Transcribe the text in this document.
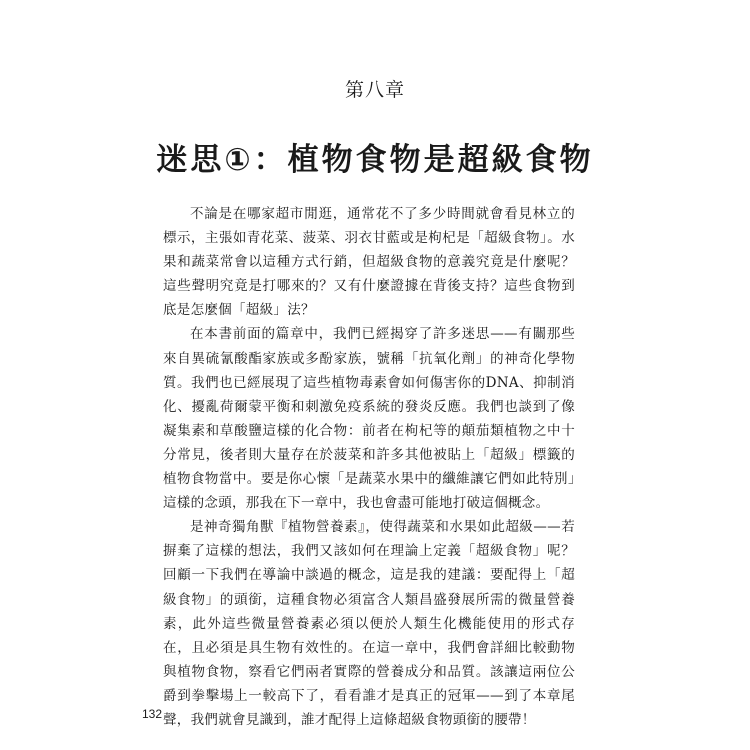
第八章
迷思①：植物食物是超級食物

不論是在哪家超市閒逛，通常花不了多少時間就會看見林立的標示，主張如青花菜、菠菜、羽衣甘藍或是枸杞是「超級食物」。水果和蔬菜常會以這種方式行銷，但超級食物的意義究竟是什麼呢？這些聲明究竟是打哪來的？又有什麼證據在背後支持？這些食物到底是怎麼個「超級」法？

在本書前面的篇章中，我們已經揭穿了許多迷思——有關那些來自異硫氰酸酯家族或多酚家族，號稱「抗氧化劑」的神奇化學物質。我們也已經展現了這些植物毒素會如何傷害你的DNA、抑制消化、擾亂荷爾蒙平衡和刺激免疫系統的發炎反應。我們也談到了像凝集素和草酸鹽這樣的化合物：前者在枸杞等的顛茄類植物之中十分常見，後者則大量存在於菠菜和許多其他被貼上「超級」標籤的植物食物當中。要是你心懷「是蔬菜水果中的纖維讓它們如此特別」這樣的念頭，那我在下一章中，我也會盡可能地打破這個概念。

是神奇獨角獸『植物營養素』，使得蔬菜和水果如此超級——若摒棄了這樣的想法，我們又該如何在理論上定義「超級食物」呢？回顧一下我們在導論中談過的概念，這是我的建議：要配得上「超級食物」的頭銜，這種食物必須富含人類昌盛發展所需的微量營養素，此外這些微量營養素必須以便於人類生化機能使用的形式存在，且必須是具生物有效性的。在這一章中，我們會詳細比較動物與植物食物，察看它們兩者實際的營養成分和品質。該讓這兩位公爵到拳擊場上一較高下了，看看誰才是真正的冠軍——到了本章尾聲，我們就會見識到，誰才配得上這條超級食物頭銜的腰帶！

132
